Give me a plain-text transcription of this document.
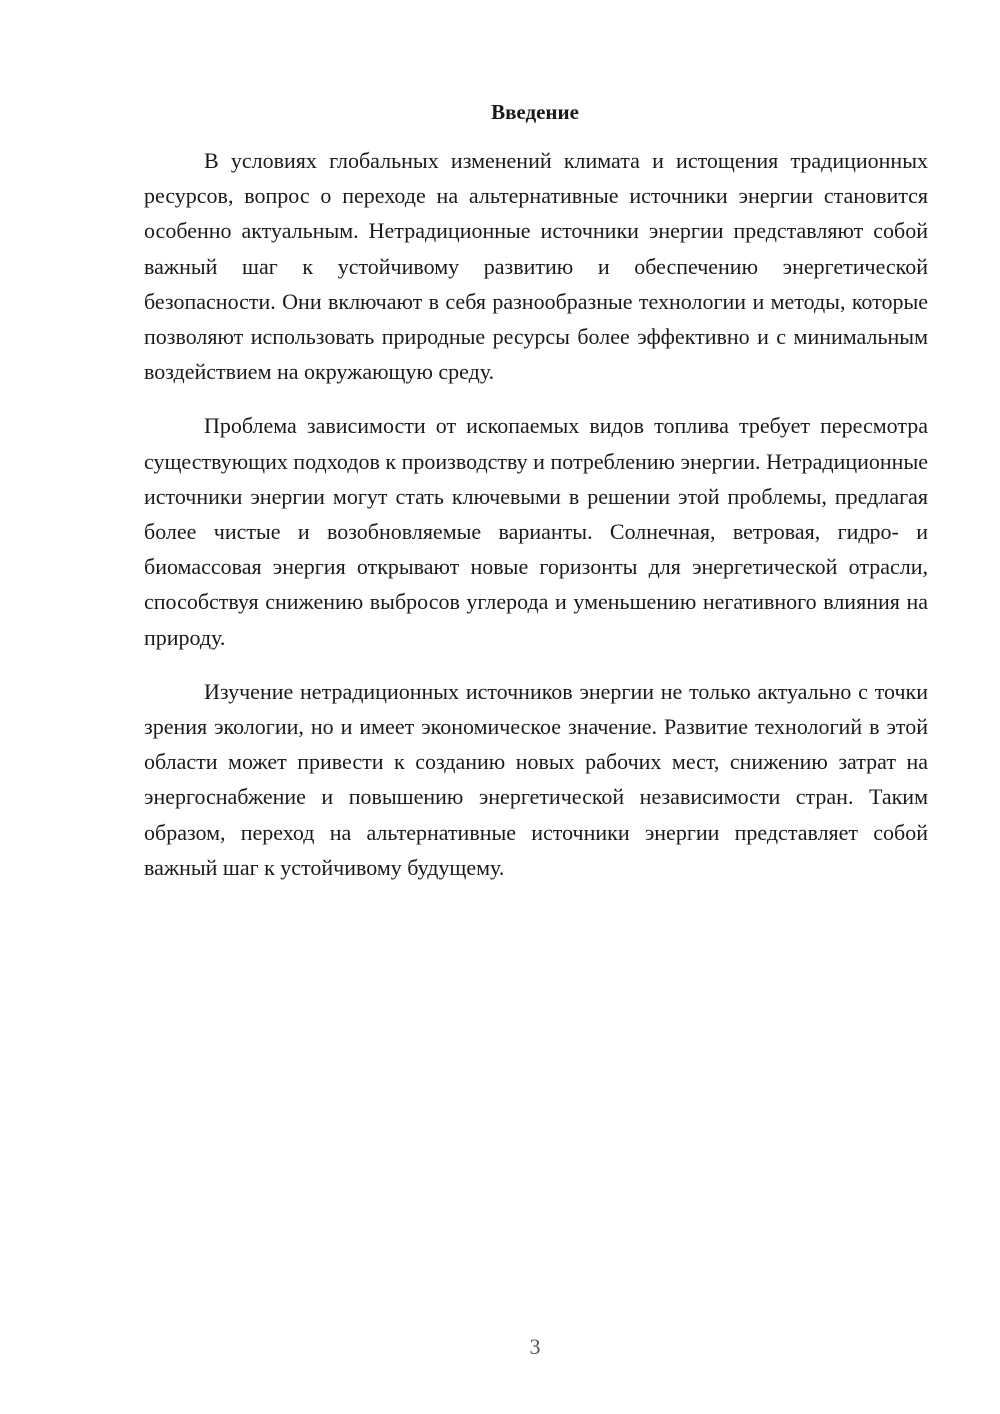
Введение

В условиях глобальных изменений климата и истощения традиционных ресурсов, вопрос о переходе на альтернативные источники энергии становится особенно актуальным. Нетрадиционные источники энергии представляют собой важный шаг к устойчивому развитию и обеспечению энергетической безопасности. Они включают в себя разнообразные технологии и методы, которые позволяют использовать природные ресурсы более эффективно и с минимальным воздействием на окружающую среду.

Проблема зависимости от ископаемых видов топлива требует пересмотра существующих подходов к производству и потреблению энергии. Нетрадиционные источники энергии могут стать ключевыми в решении этой проблемы, предлагая более чистые и возобновляемые варианты. Солнечная, ветровая, гидро- и биомассовая энергия открывают новые горизонты для энергетической отрасли, способствуя снижению выбросов углерода и уменьшению негативного влияния на природу.

Изучение нетрадиционных источников энергии не только актуально с точки зрения экологии, но и имеет экономическое значение. Развитие технологий в этой области может привести к созданию новых рабочих мест, снижению затрат на энергоснабжение и повышению энергетической независимости стран. Таким образом, переход на альтернативные источники энергии представляет собой важный шаг к устойчивому будущему.

3
